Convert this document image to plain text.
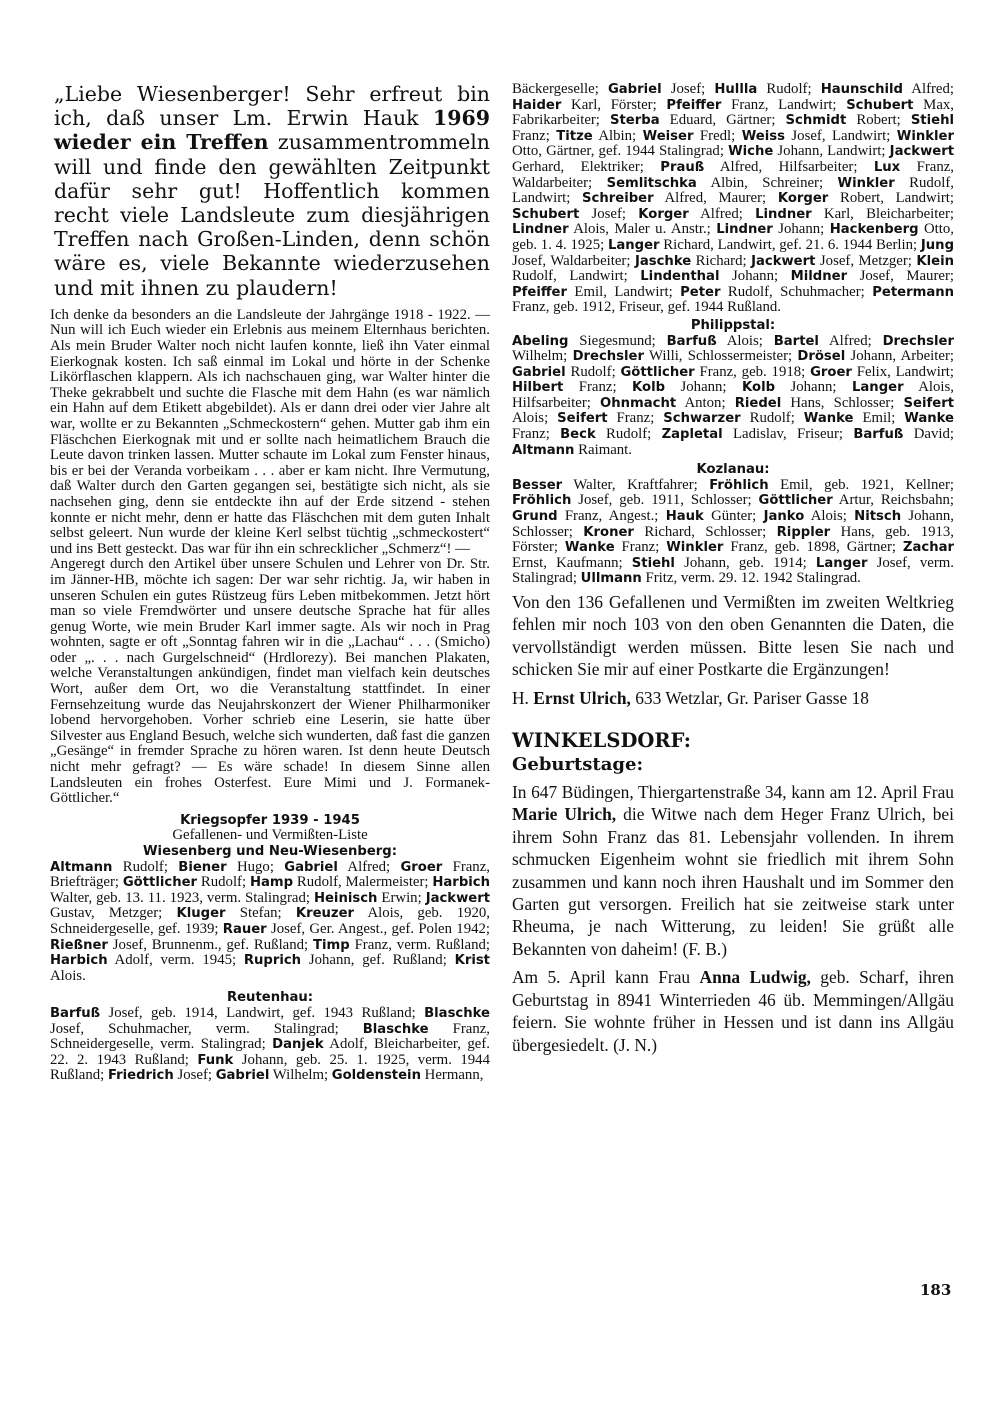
„Liebe Wiesenberger! Sehr erfreut bin ich, daß unser Lm. Erwin Hauk 1969 wieder ein Treffen zusammentrommeln will und finde den gewählten Zeitpunkt dafür sehr gut! Hoffentlich kommen recht viele Landsleute zum diesjährigen Treffen nach Großen-Linden, denn schön wäre es, viele Bekannte wiederzusehen und mit ihnen zu plaudern!

Ich denke da besonders an die Landsleute der Jahrgänge 1918 - 1922. — Nun will ich Euch wieder ein Erlebnis aus meinem Elternhaus berichten. Als mein Bruder Walter noch nicht laufen konnte, ließ ihn Vater einmal Eierkognak kosten. Ich saß einmal im Lokal und hörte in der Schenke Likörflaschen klappern. Als ich nachschauen ging, war Walter hinter die Theke gekrabbelt und suchte die Flasche mit dem Hahn (es war nämlich ein Hahn auf dem Etikett abgebildet). Als er dann drei oder vier Jahre alt war, wollte er zu Bekannten „Schmeckostern“ gehen. Mutter gab ihm ein Fläschchen Eierkognak mit und er sollte nach heimatlichem Brauch die Leute davon trinken lassen. Mutter schaute im Lokal zum Fenster hinaus, bis er bei der Veranda vorbeikam . . . aber er kam nicht. Ihre Vermutung, daß Walter durch den Garten gegangen sei, bestätigte sich nicht, als sie nachsehen ging, denn sie entdeckte ihn auf der Erde sitzend - stehen konnte er nicht mehr, denn er hatte das Fläschchen mit dem guten Inhalt selbst geleert. Nun wurde der kleine Kerl selbst tüchtig „schmeckostert“ und ins Bett gesteckt. Das war für ihn ein schrecklicher „Schmerz“! —

Angeregt durch den Artikel über unsere Schulen und Lehrer von Dr. Str. im Jänner-HB, möchte ich sagen: Der war sehr richtig. Ja, wir haben in unseren Schulen ein gutes Rüstzeug fürs Leben mitbekommen. Jetzt hört man so viele Fremdwörter und unsere deutsche Sprache hat für alles genug Worte, wie mein Bruder Karl immer sagte. Als wir noch in Prag wohnten, sagte er oft „Sonntag fahren wir in die „Lachau“ . . . (Smicho) oder „. . . nach Gurgelschneid“ (Hrdlorezy). Bei manchen Plakaten, welche Veranstaltungen ankündigen, findet man vielfach kein deutsches Wort, außer dem Ort, wo die Veranstaltung stattfindet. In einer Fernsehzeitung wurde das Neujahrskonzert der Wiener Philharmoniker lobend hervorgehoben. Vorher schrieb eine Leserin, sie hatte über Silvester aus England Besuch, welche sich wunderten, daß fast die ganzen „Gesänge“ in fremder Sprache zu hören waren. Ist denn heute Deutsch nicht mehr gefragt? — Es wäre schade! In diesem Sinne allen Landsleuten ein frohes Osterfest. Eure Mimi und J. Formanek-Göttlicher.“

Kriegsopfer 1939 - 1945

Gefallenen- und Vermißten-Liste

Wiesenberg und Neu-Wiesenberg:

Altmann Rudolf; Biener Hugo; Gabriel Alfred; Groer Franz, Briefträger; Göttlicher Rudolf; Hamp Rudolf, Malermeister; Harbich Walter, geb. 13. 11. 1923, verm. Stalingrad; Heinisch Erwin; Jackwert Gustav, Metzger; Kluger Stefan; Kreuzer Alois, geb. 1920, Schneidergeselle, gef. 1939; Rauer Josef, Ger. Angest., gef. Polen 1942; Rießner Josef, Brunnenm., gef. Rußland; Timp Franz, verm. Rußland; Harbich Adolf, verm. 1945; Ruprich Johann, gef. Rußland; Krist Alois.

Reutenhau:

Barfuß Josef, geb. 1914, Landwirt, gef. 1943 Rußland; Blaschke Josef, Schuhmacher, verm. Stalingrad; Blaschke Franz, Schneidergeselle, verm. Stalingrad; Danjek Adolf, Bleicharbeiter, gef. 22. 2. 1943 Rußland; Funk Johann, geb. 25. 1. 1925, verm. 1944 Rußland; Friedrich Josef; Gabriel Wilhelm; Goldenstein Hermann,

Bäckergeselle; Gabriel Josef; Hullla Rudolf; Haunschild Alfred; Haider Karl, Förster; Pfeiffer Franz, Landwirt; Schubert Max, Fabrikarbeiter; Sterba Eduard, Gärtner; Schmidt Robert; Stiehl Franz; Titze Albin; Weiser Fredl; Weiss Josef, Landwirt; Winkler Otto, Gärtner, gef. 1944 Stalingrad; Wiche Johann, Landwirt; Jackwert Gerhard, Elektriker; Prauß Alfred, Hilfsarbeiter; Lux Franz, Waldarbeiter; Semlitschka Albin, Schreiner; Winkler Rudolf, Landwirt; Schreiber Alfred, Maurer; Korger Robert, Landwirt; Schubert Josef; Korger Alfred; Lindner Karl, Bleicharbeiter; Lindner Alois, Maler u. Anstr.; Lindner Johann; Hackenberg Otto, geb. 1. 4. 1925; Langer Richard, Landwirt, gef. 21. 6. 1944 Berlin; Jung Josef, Waldarbeiter; Jaschke Richard; Jackwert Josef, Metzger; Klein Rudolf, Landwirt; Lindenthal Johann; Mildner Josef, Maurer; Pfeiffer Emil, Landwirt; Peter Rudolf, Schuhmacher; Petermann Franz, geb. 1912, Friseur, gef. 1944 Rußland.

Philippstal:

Abeling Siegesmund; Barfuß Alois; Bartel Alfred; Drechsler Wilhelm; Drechsler Willi, Schlossermeister; Drösel Johann, Arbeiter; Gabriel Rudolf; Göttlicher Franz, geb. 1918; Groer Felix, Landwirt; Hilbert Franz; Kolb Johann; Kolb Johann; Langer Alois, Hilfsarbeiter; Ohnmacht Anton; Riedel Hans, Schlosser; Seifert Alois; Seifert Franz; Schwarzer Rudolf; Wanke Emil; Wanke Franz; Beck Rudolf; Zapletal Ladislav, Friseur; Barfuß David; Altmann Raimant.

Kozlanau:

Besser Walter, Kraftfahrer; Fröhlich Emil, geb. 1921, Kellner; Fröhlich Josef, geb. 1911, Schlosser; Göttlicher Artur, Reichsbahn; Grund Franz, Angest.; Hauk Günter; Janko Alois; Nitsch Johann, Schlosser; Kroner Richard, Schlosser; Rippler Hans, geb. 1913, Förster; Wanke Franz; Winkler Franz, geb. 1898, Gärtner; Zachar Ernst, Kaufmann; Stiehl Johann, geb. 1914; Langer Josef, verm. Stalingrad; Ullmann Fritz, verm. 29. 12. 1942 Stalingrad.

Von den 136 Gefallenen und Vermißten im zweiten Weltkrieg fehlen mir noch 103 von den oben Genannten die Daten, die vervollständigt werden müssen. Bitte lesen Sie nach und schicken Sie mir auf einer Postkarte die Ergänzungen!

H. Ernst Ulrich, 633 Wetzlar, Gr. Pariser Gasse 18

WINKELSDORF:

Geburtstage:

In 647 Büdingen, Thiergartenstraße 34, kann am 12. April Frau Marie Ulrich, die Witwe nach dem Heger Franz Ulrich, bei ihrem Sohn Franz das 81. Lebensjahr vollenden. In ihrem schmucken Eigenheim wohnt sie friedlich mit ihrem Sohn zusammen und kann noch ihren Haushalt und im Sommer den Garten gut versorgen. Freilich hat sie zeitweise stark unter Rheuma, je nach Witterung, zu leiden! Sie grüßt alle Bekannten von daheim! (F. B.)

Am 5. April kann Frau Anna Ludwig, geb. Scharf, ihren Geburtstag in 8941 Winterrieden 46 üb. Memmingen/Allgäu feiern. Sie wohnte früher in Hessen und ist dann ins Allgäu übergesiedelt. (J. N.)

183
